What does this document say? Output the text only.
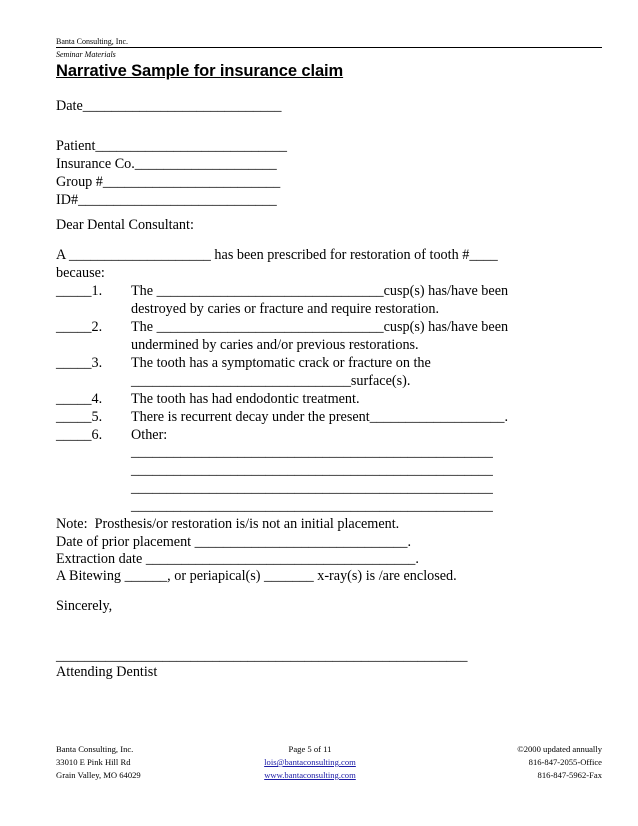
Banta Consulting, Inc.
Seminar Materials
Narrative Sample for insurance claim
Date____________________________
Patient___________________________
Insurance Co.____________________
Group #_________________________
ID#____________________________
Dear Dental Consultant:
A ____________________ has been prescribed for restoration of tooth #____
because:
_____1. The ________________________________cusp(s) has/have been
destroyed by caries or fracture and require restoration.
_____2. The ________________________________cusp(s) has/have been
undermined by caries and/or previous restorations.
_____3. The tooth has a symptomatic crack or fracture on the
_______________________________surface(s).
_____4. The tooth has had endodontic treatment.
_____5. There is recurrent decay under the present___________________.
_____6. Other:
___________________________________________________
___________________________________________________
___________________________________________________
___________________________________________________
Note:  Prosthesis/or restoration is/is not an initial placement.
Date of prior placement ______________________________.
Extraction date ______________________________________.
A Bitewing ______, or periapical(s) _______ x-ray(s) is /are enclosed.
Sincerely,
__________________________________________________________
Attending Dentist
Banta Consulting, Inc.
33010 E Pink Hill Rd
Grain Valley, MO 64029
Page 5 of 11
lois@bantaconsulting.com
www.bantaconsulting.com
©2000 updated annually
816-847-2055-Office
816-847-5962-Fax
